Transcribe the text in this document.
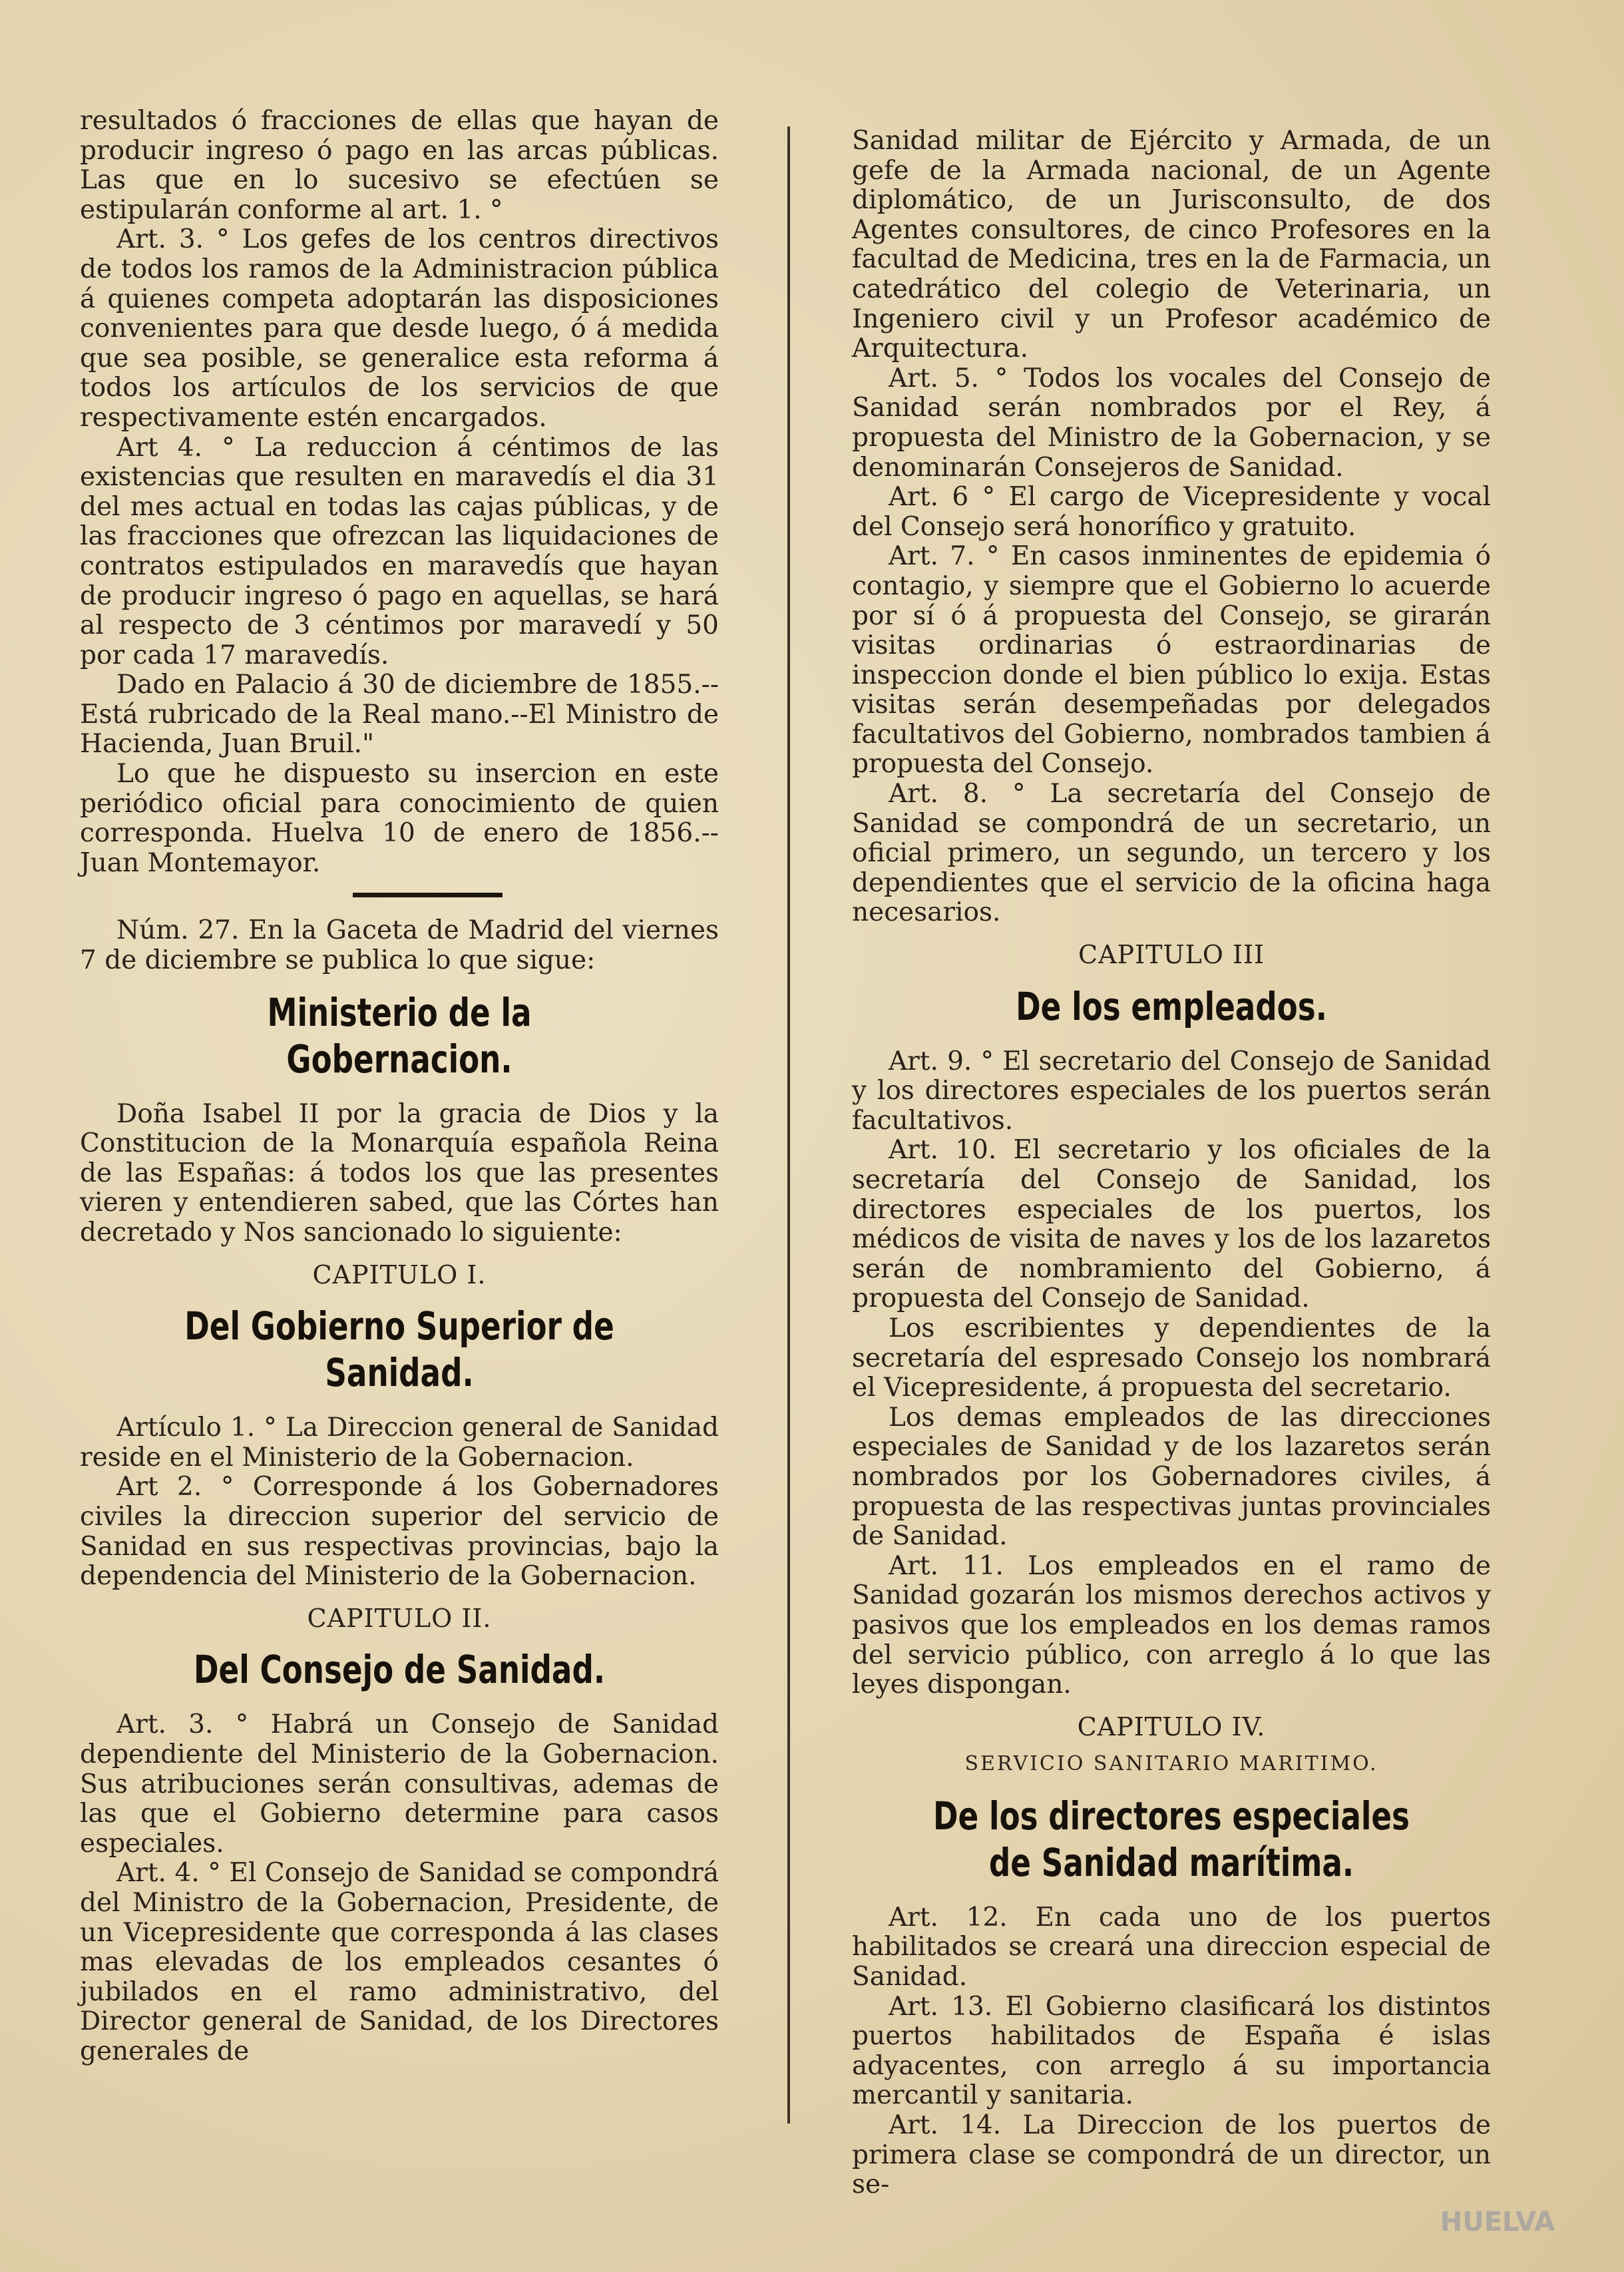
resultados ó fracciones de ellas que hayan de producir ingreso ó pago en las arcas públicas. Las que en lo sucesivo se efectúen se estipularán conforme al art. 1. °

Art. 3. ° Los gefes de los centros directivos de todos los ramos de la Administracion pública á quienes competa adoptarán las disposiciones convenientes para que desde luego, ó á medida que sea posible, se generalice esta reforma á todos los artículos de los servicios de que respectivamente estén encargados.

Art 4. ° La reduccion á céntimos de las existencias que resulten en maravedís el dia 31 del mes actual en todas las cajas públicas, y de las fracciones que ofrezcan las liquidaciones de contratos estipulados en maravedís que hayan de producir ingreso ó pago en aquellas, se hará al respecto de 3 céntimos por maravedí y 50 por cada 17 maravedís.

Dado en Palacio á 30 de diciembre de 1855.--Está rubricado de la Real mano.--El Ministro de Hacienda, Juan Bruil."

Lo que he dispuesto su insercion en este periódico oficial para conocimiento de quien corresponda. Huelva 10 de enero de 1856.--Juan Montemayor.

Núm. 27. En la Gaceta de Madrid del viernes 7 de diciembre se publica lo que sigue:

Ministerio de la Gobernacion.

Doña Isabel II por la gracia de Dios y la Constitucion de la Monarquía española Reina de las Españas: á todos los que las presentes vieren y entendieren sabed, que las Córtes han decretado y Nos sancionado lo siguiente:

CAPITULO I.
Del Gobierno Superior de Sanidad.

Artículo 1. ° La Direccion general de Sanidad reside en el Ministerio de la Gobernacion.

Art 2. ° Corresponde á los Gobernadores civiles la direccion superior del servicio de Sanidad en sus respectivas provincias, bajo la dependencia del Ministerio de la Gobernacion.

CAPITULO II.
Del Consejo de Sanidad.

Art. 3. ° Habrá un Consejo de Sanidad dependiente del Ministerio de la Gobernacion. Sus atribuciones serán consultivas, ademas de las que el Gobierno determine para casos especiales.

Art. 4. ° El Consejo de Sanidad se compondrá del Ministro de la Gobernacion, Presidente, de un Vicepresidente que corresponda á las clases mas elevadas de los empleados cesantes ó jubilados en el ramo administrativo, del Director general de Sanidad, de los Directores generales de

Sanidad militar de Ejército y Armada, de un gefe de la Armada nacional, de un Agente diplomático, de un Jurisconsulto, de dos Agentes consultores, de cinco Profesores en la facultad de Medicina, tres en la de Farmacia, un catedrático del colegio de Veterinaria, un Ingeniero civil y un Profesor académico de Arquitectura.

Art. 5. ° Todos los vocales del Consejo de Sanidad serán nombrados por el Rey, á propuesta del Ministro de la Gobernacion, y se denominarán Consejeros de Sanidad.

Art. 6 ° El cargo de Vicepresidente y vocal del Consejo será honorífico y gratuito.

Art. 7. ° En casos inminentes de epidemia ó contagio, y siempre que el Gobierno lo acuerde por sí ó á propuesta del Consejo, se girarán visitas ordinarias ó estraordinarias de inspeccion donde el bien público lo exija. Estas visitas serán desempeñadas por delegados facultativos del Gobierno, nombrados tambien á propuesta del Consejo.

Art. 8. ° La secretaría del Consejo de Sanidad se compondrá de un secretario, un oficial primero, un segundo, un tercero y los dependientes que el servicio de la oficina haga necesarios.

CAPITULO III
De los empleados.

Art. 9. ° El secretario del Consejo de Sanidad y los directores especiales de los puertos serán facultativos.

Art. 10. El secretario y los oficiales de la secretaría del Consejo de Sanidad, los directores especiales de los puertos, los médicos de visita de naves y los de los lazaretos serán de nombramiento del Gobierno, á propuesta del Consejo de Sanidad.

Los escribientes y dependientes de la secretaría del espresado Consejo los nombrará el Vicepresidente, á propuesta del secretario.

Los demas empleados de las direcciones especiales de Sanidad y de los lazaretos serán nombrados por los Gobernadores civiles, á propuesta de las respectivas juntas provinciales de Sanidad.

Art. 11. Los empleados en el ramo de Sanidad gozarán los mismos derechos activos y pasivos que los empleados en los demas ramos del servicio público, con arreglo á lo que las leyes dispongan.

CAPITULO IV.
SERVICIO SANITARIO MARITIMO.
De los directores especiales de Sanidad marítima.

Art. 12. En cada uno de los puertos habilitados se creará una direccion especial de Sanidad.

Art. 13. El Gobierno clasificará los distintos puertos habilitados de España é islas adyacentes, con arreglo á su importancia mercantil y sanitaria.

Art. 14. La Direccion de los puertos de primera clase se compondrá de un director, un se-

HUELVA
